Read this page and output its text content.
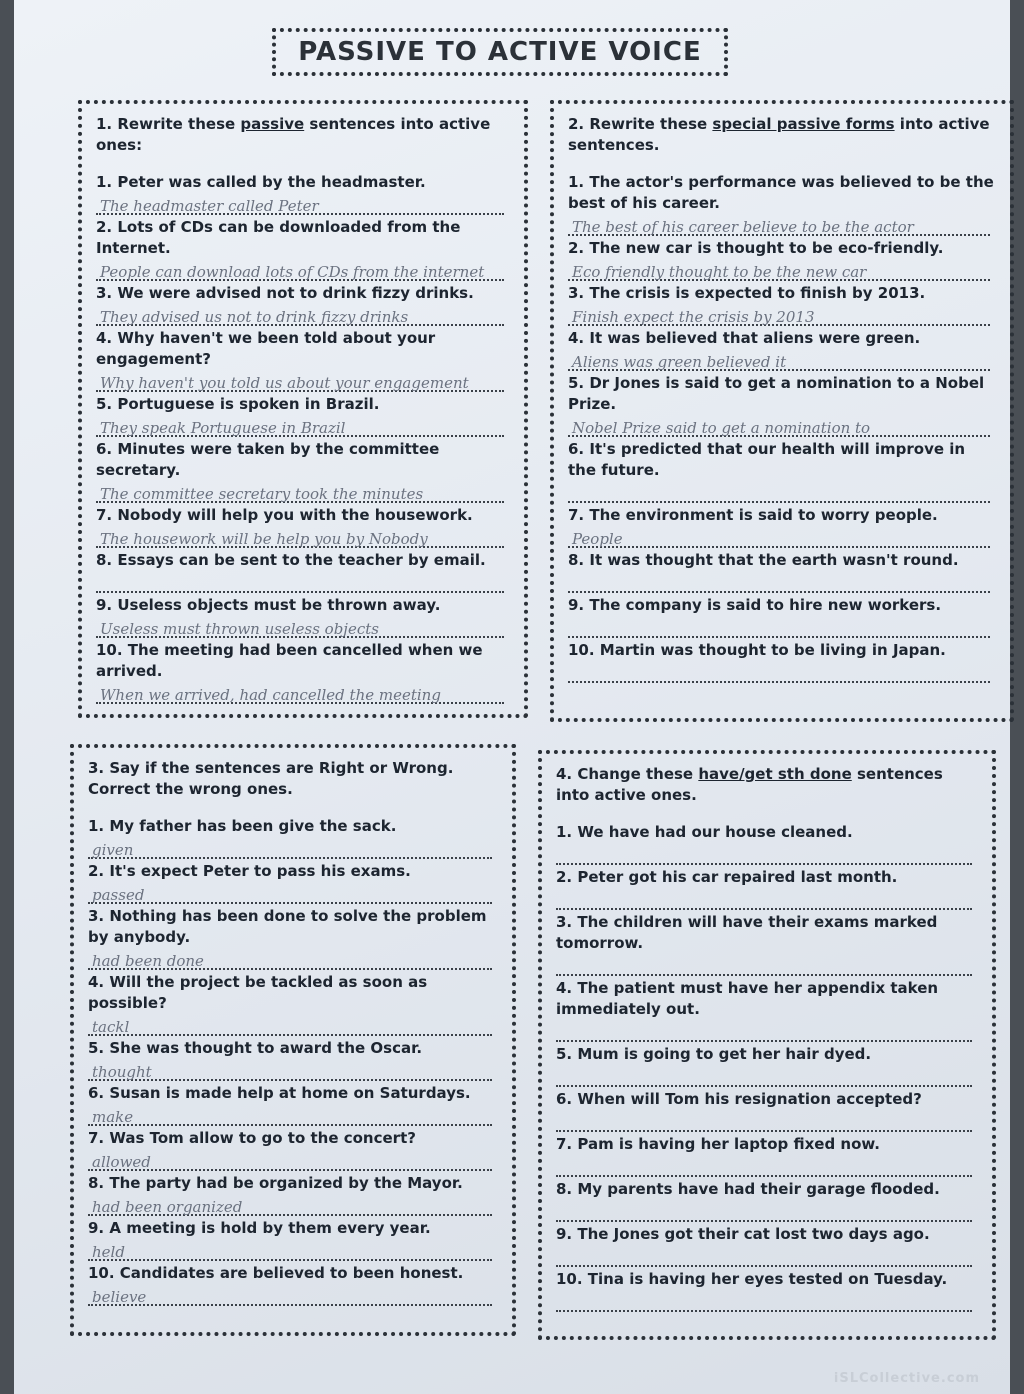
PASSIVE TO ACTIVE VOICE

1. Rewrite these passive sentences into active ones:

1. Peter was called by the headmaster.

The headmaster called Peter

2. Lots of CDs can be downloaded from the Internet.

People can download lots of CDs from the internet

3. We were advised not to drink fizzy drinks.

They advised us not to drink fizzy drinks

4. Why haven't we been told about your engagement?

Why haven't you told us about your engagement

5. Portuguese is spoken in Brazil.

They speak Portuguese in Brazil

6. Minutes were taken by the committee secretary.

The committee secretary took the minutes

7. Nobody will help you with the housework.

The housework will be help you by Nobody

8. Essays can be sent to the teacher by email.

9. Useless objects must be thrown away.

Useless must thrown useless objects

10. The meeting had been cancelled when we arrived.

When we arrived, had cancelled the meeting

2. Rewrite these special passive forms into active sentences.

1. The actor's performance was believed to be the best of his career.

The best of his career believe to be the actor

2. The new car is thought to be eco-friendly.

Eco friendly thought to be the new car

3. The crisis is expected to finish by 2013.

Finish expect the crisis by 2013

4. It was believed that aliens were green.

Aliens was green believed it

5. Dr Jones is said to get a nomination to a Nobel Prize.

Nobel Prize said to get a nomination to

6. It's predicted that our health will improve in the future.

7. The environment is said to worry people.

People

8. It was thought that the earth wasn't round.

9. The company is said to hire new workers.

10. Martin was thought to be living in Japan.

3. Say if the sentences are Right or Wrong. Correct the wrong ones.

1. My father has been give the sack.

given

2. It's expect Peter to pass his exams.

passed

3. Nothing has been done to solve the problem by anybody.

had been done

4. Will the project be tackled as soon as possible?

tackl

5. She was thought to award the Oscar.

thought

6. Susan is made help at home on Saturdays.

make

7. Was Tom allow to go to the concert?

allowed

8. The party had be organized by the Mayor.

had been organized

9. A meeting is hold by them every year.

held

10. Candidates are believed to been honest.

believe

4. Change these have/get sth done sentences into active ones.

1. We have had our house cleaned.

2. Peter got his car repaired last month.

3. The children will have their exams marked tomorrow.

4. The patient must have her appendix taken immediately out.

5. Mum is going to get her hair dyed.

6. When will Tom his resignation accepted?

7. Pam is having her laptop fixed now.

8. My parents have had their garage flooded.

9. The Jones got their cat lost two days ago.

10. Tina is having her eyes tested on Tuesday.

iSLCollective.com
